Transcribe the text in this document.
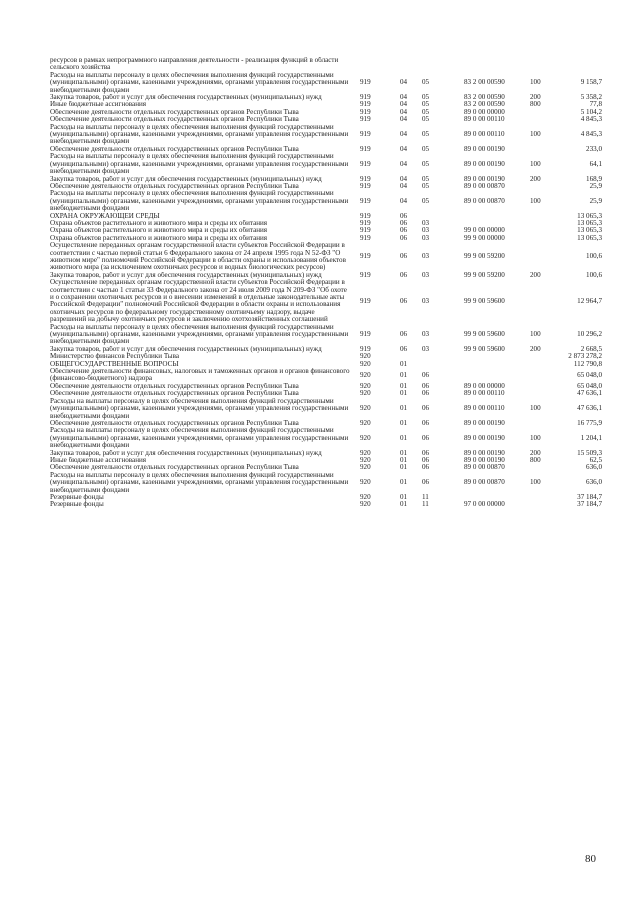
ресурсов в рамках непрограммного направления деятельности - реализация функций в области сельского хозяйства						
Расходы на выплаты персоналу в целях обеспечения выполнения функций государственными (муниципальными) органами, казенными учреждениями, органами управления государственными внебюджетными фондами	919	04	05	83 2 00 00590	100	9 158,7
Закупка товаров, работ и услуг для обеспечения государственных (муниципальных) нужд	919	04	05	83 2 00 00590	200	5 358,2
Иные бюджетные ассигнования	919	04	05	83 2 00 00590	800	77,8
Обеспечение деятельности отдельных государственных органов Республики Тыва	919	04	05	89 0 00 00000		5 104,2
Обеспечение деятельности отдельных государственных органов Республики Тыва	919	04	05	89 0 00 00110		4 845,3
Расходы на выплаты персоналу в целях обеспечения выполнения функций государственными (муниципальными) органами, казенными учреждениями, органами управления государственными внебюджетными фондами	919	04	05	89 0 00 00110	100	4 845,3
Обеспечение деятельности отдельных государственных органов Республики Тыва	919	04	05	89 0 00 00190		233,0
Расходы на выплаты персоналу в целях обеспечения выполнения функций государственными (муниципальными) органами, казенными учреждениями, органами управления государственными внебюджетными фондами	919	04	05	89 0 00 00190	100	64,1
Закупка товаров, работ и услуг для обеспечения государственных (муниципальных) нужд	919	04	05	89 0 00 00190	200	168,9
Обеспечение деятельности отдельных государственных органов Республики Тыва	919	04	05	89 0 00 00870		25,9
Расходы на выплаты персоналу в целях обеспечения выполнения функций государственными (муниципальными) органами, казенными учреждениями, органами управления государственными внебюджетными фондами	919	04	05	89 0 00 00870	100	25,9
ОХРАНА ОКРУЖАЮЩЕЙ СРЕДЫ	919	06				13 065,3
Охрана объектов растительного и животного мира и среды их обитания	919	06	03			13 065,3
Охрана объектов растительного и животного мира и среды их обитания	919	06	03	99 0 00 00000		13 065,3
Охрана объектов растительного и животного мира и среды их обитания	919	06	03	99 9 00 00000		13 065,3
Осуществление переданных органам государственной власти субъектов Российской Федерации в соответствии с частью первой статьи 6 Федерального закона от 24 апреля 1995 года N 52-ФЗ "О животном мире" полномочий Российской Федерации в области охраны и использования объектов животного мира (за исключением охотничьих ресурсов и водных биологических ресурсов)	919	06	03	99 9 00 59200		100,6
Закупка товаров, работ и услуг для обеспечения государственных (муниципальных) нужд	919	06	03	99 9 00 59200	200	100,6
Осуществление переданных органам государственной власти субъектов Российской Федерации в соответствии с частью 1 статьи 33 Федерального закона от 24 июля 2009 года N 209-ФЗ "Об охоте и о сохранении охотничьих ресурсов и о внесении изменений в отдельные законодательные акты Российской Федерации" полномочий Российской Федерации в области охраны и использования охотничьих ресурсов по федеральному государственному охотничьему надзору, выдаче разрешений на добычу охотничьих ресурсов и заключению охотхозяйственных соглашений	919	06	03	99 9 00 59600		12 964,7
Расходы на выплаты персоналу в целях обеспечения выполнения функций государственными (муниципальными) органами, казенными учреждениями, органами управления государственными внебюджетными фондами	919	06	03	99 9 00 59600	100	10 296,2
Закупка товаров, работ и услуг для обеспечения государственных (муниципальных) нужд	919	06	03	99 9 00 59600	200	2 668,5
Министерство финансов Республики Тыва	920					2 873 278,2
ОБЩЕГОСУДАРСТВЕННЫЕ ВОПРОСЫ	920	01				112 790,8
Обеспечение деятельности финансовых, налоговых и таможенных органов и органов финансового (финансово-бюджетного) надзора	920	01	06			65 048,0
Обеспечение деятельности отдельных государственных органов Республики Тыва	920	01	06	89 0 00 00000		65 048,0
Обеспечение деятельности отдельных государственных органов Республики Тыва	920	01	06	89 0 00 00110		47 636,1
Расходы на выплаты персоналу в целях обеспечения выполнения функций государственными (муниципальными) органами, казенными учреждениями, органами управления государственными внебюджетными фондами	920	01	06	89 0 00 00110	100	47 636,1
Обеспечение деятельности отдельных государственных органов Республики Тыва	920	01	06	89 0 00 00190		16 775,9
Расходы на выплаты персоналу в целях обеспечения выполнения функций государственными (муниципальными) органами, казенными учреждениями, органами управления государственными внебюджетными фондами	920	01	06	89 0 00 00190	100	1 204,1
Закупка товаров, работ и услуг для обеспечения государственных (муниципальных) нужд	920	01	06	89 0 00 00190	200	15 509,3
Иные бюджетные ассигнования	920	01	06	89 0 00 00190	800	62,5
Обеспечение деятельности отдельных государственных органов Республики Тыва	920	01	06	89 0 00 00870		636,0
Расходы на выплаты персоналу в целях обеспечения выполнения функций государственными (муниципальными) органами, казенными учреждениями, органами управления государственными внебюджетными фондами	920	01	06	89 0 00 00870	100	636,0
Резервные фонды	920	01	11			37 184,7
Резервные фонды	920	01	11	97 0 00 00000		37 184,7
80
